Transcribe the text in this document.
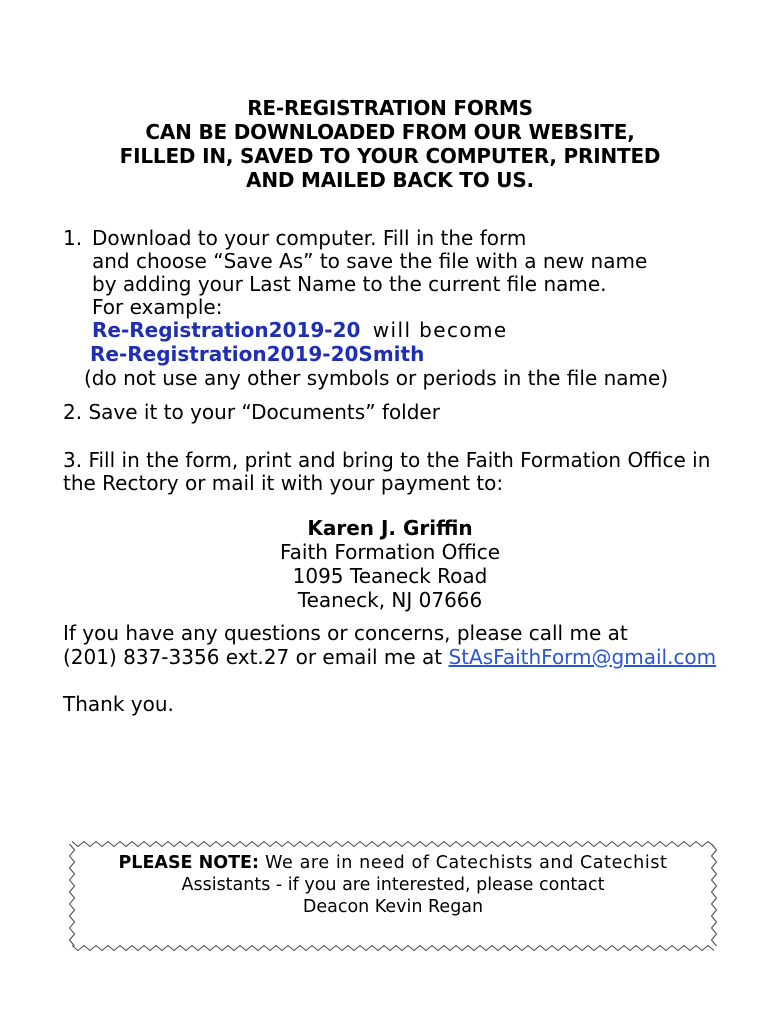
RE-REGISTRATION FORMS
CAN BE DOWNLOADED FROM OUR WEBSITE,
FILLED IN, SAVED TO YOUR COMPUTER, PRINTED
AND MAILED BACK TO US.
1. Download to your computer. Fill in the form
and choose “Save As” to save the file with a new name
by adding your Last Name to the current file name.
For example:
Re-Registration2019-20 will become
Re-Registration2019-20Smith
(do not use any other symbols or periods in the file name)
2. Save it to your “Documents” folder
3. Fill in the form, print and bring to the Faith Formation Office in
the Rectory or mail it with your payment to:
Karen J. Griffin
Faith Formation Office
1095 Teaneck Road
Teaneck, NJ 07666
If you have any questions or concerns, please call me at
(201) 837-3356 ext.27 or email me at StAsFaithForm@gmail.com
Thank you.
PLEASE NOTE: We are in need of Catechists and Catechist
Assistants - if you are interested, please contact
Deacon Kevin Regan
